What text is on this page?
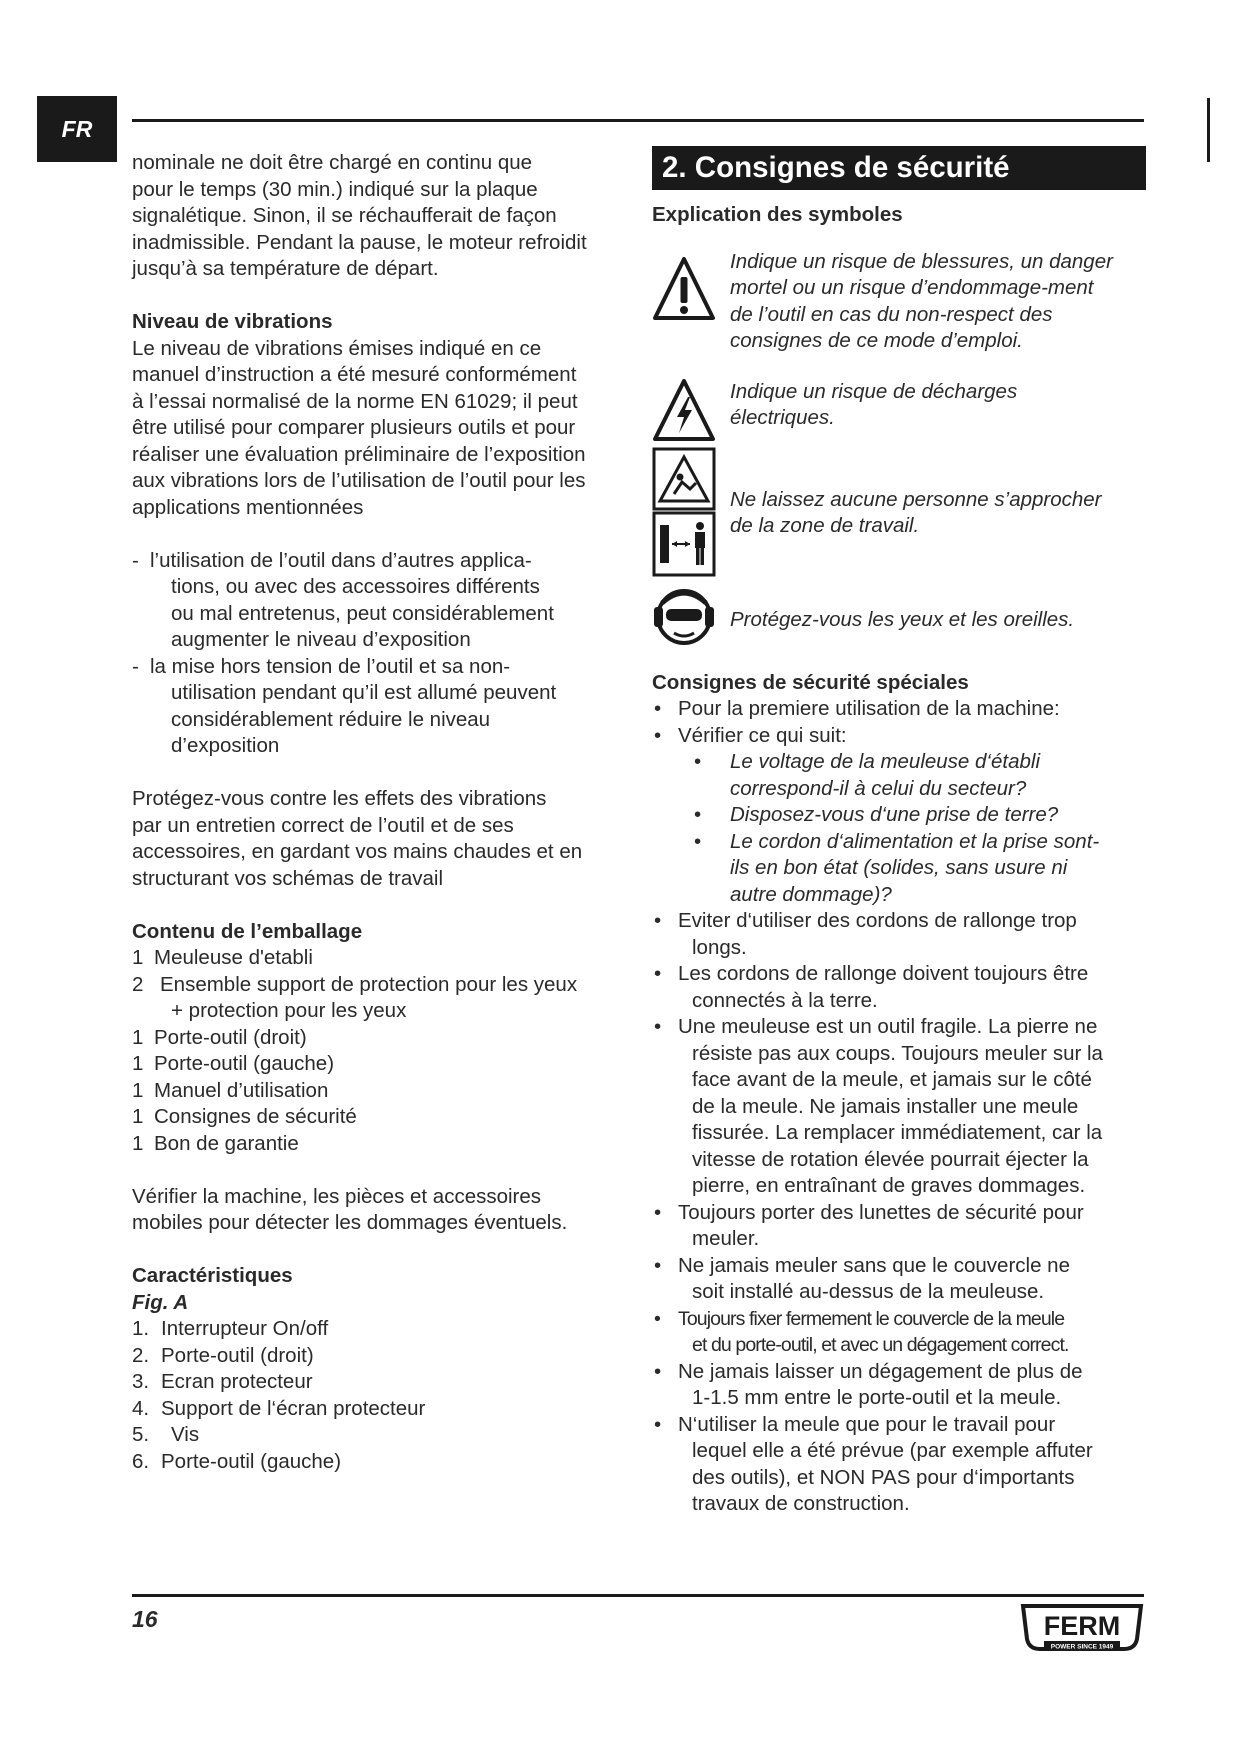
FR

nominale ne doit être chargé en continu que

pour le temps (30 min.) indiqué sur la plaque

signalétique. Sinon, il se réchaufferait de façon

inadmissible. Pendant la pause, le moteur refroidit

jusqu’à sa température de départ.

Niveau de vibrations

Le niveau de vibrations émises indiqué en ce

manuel d’instruction a été mesuré conformément

à l’essai normalisé de la norme EN 61029; il peut

être utilisé pour comparer plusieurs outils et pour

réaliser une évaluation préliminaire de l’exposition

aux vibrations lors de l’utilisation de l’outil pour les

applications mentionnées

- l’utilisation de l’outil dans d’autres applica-

tions, ou avec des accessoires différents

ou mal entretenus, peut considérablement

augmenter le niveau d’exposition

- la mise hors tension de l’outil et sa non-

utilisation pendant qu’il est allumé peuvent

considérablement réduire le niveau

d’exposition

Protégez-vous contre les effets des vibrations

par un entretien correct de l’outil et de ses

accessoires, en gardant vos mains chaudes et en

structurant vos schémas de travail

Contenu de l’emballage

1 Meuleuse d'etabli
2 Ensemble support de protection pour les yeux

+ protection pour les yeux

1 Porte-outil (droit)
1 Porte-outil (gauche)
1 Manuel d’utilisation
1 Consignes de sécurité
1 Bon de garantie

Vérifier la machine, les pièces et accessoires

mobiles pour détecter les dommages éventuels.

Caractéristiques

Fig. A

1. Interrupteur On/off
2. Porte-outil (droit)
3. Ecran protecteur
4. Support de l‘écran protecteur
5.	Vis
6. Porte-outil (gauche)
2. Consignes de sécurité

Explication des symboles

Indique un risque de blessures, un danger

mortel ou un risque d’endommage-ment

de l’outil en cas du non-respect des

consignes de ce mode d’emploi.

Indique un risque de décharges

électriques.

Ne laissez aucune personne s’approcher

de la zone de travail.

Protégez-vous les yeux et les oreilles.

Consignes de sécurité spéciales

• Pour la premiere utilisation de la machine:

• Vérifier ce qui suit:

• Le voltage de la meuleuse d‘établi

correspond-il à celui du secteur?

• Disposez-vous d‘une prise de terre?

• Le cordon d‘alimentation et la prise sont-

ils en bon état (solides, sans usure ni

autre dommage)?

• Eviter d‘utiliser des cordons de rallonge trop

longs.

• Les cordons de rallonge doivent toujours être

connectés à la terre.

• Une meuleuse est un outil fragile. La pierre ne

résiste pas aux coups. Toujours meuler sur la

face avant de la meule, et jamais sur le côté

de la meule. Ne jamais installer une meule

fissurée. La remplacer immédiatement, car la

vitesse de rotation élevée pourrait éjecter la

pierre, en entraînant de graves dommages.

• Toujours porter des lunettes de sécurité pour

meuler.

• Ne jamais meuler sans que le couvercle ne

soit installé au-dessus de la meuleuse.

• Toujours fixer fermement le couvercle de la meule

et du porte-outil, et avec un dégagement correct.

• Ne jamais laisser un dégagement de plus de

1-1.5 mm entre le porte-outil et la meule.

• N‘utiliser la meule que pour le travail pour

lequel elle a été prévue (par exemple affuter

des outils), et NON PAS pour d‘importants

travaux de construction.

16	FERM
POWER SINCE 1949
